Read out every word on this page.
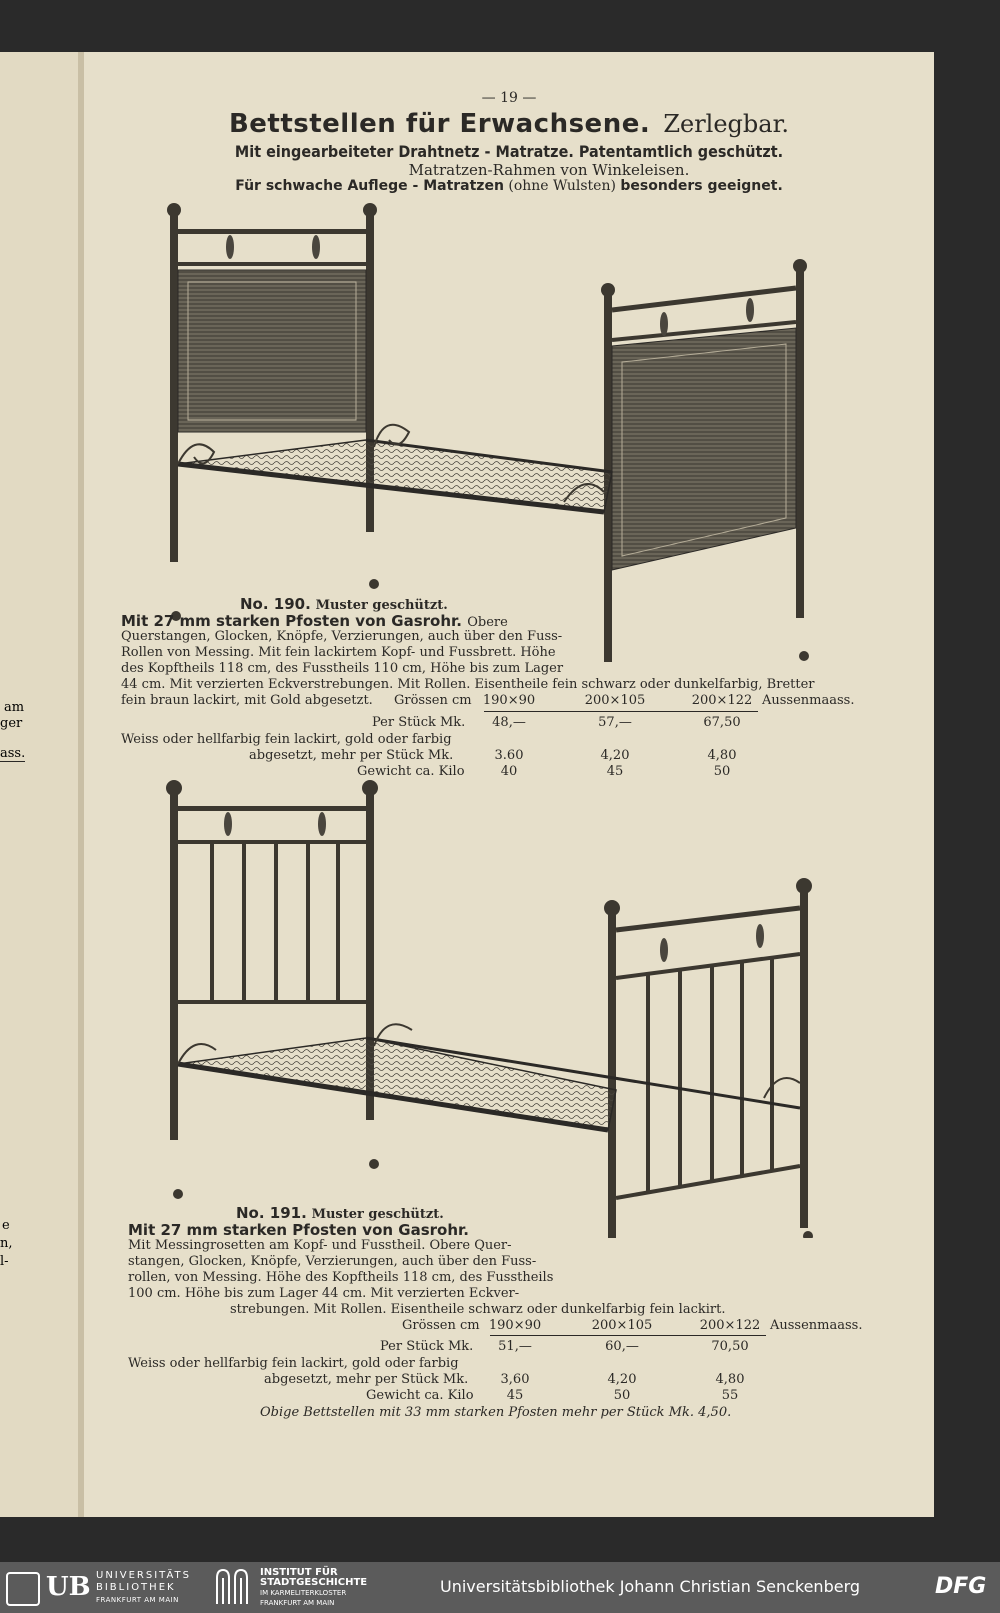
am
ger
ass.
e
n,
l-
— 19 —
Bettstellen für Erwachsene. Zerlegbar.
Mit eingearbeiteter Drahtnetz - Matratze. Patentamtlich geschützt.
Matratzen-Rahmen von Winkeleisen.
Für schwache Auflege - Matratzen (ohne Wulsten) besonders geeignet.
No. 190. Muster geschützt.
Mit 27 mm starken Pfosten von Gasrohr. Obere
Querstangen, Glocken, Knöpfe, Verzierungen, auch über den Fuss-
Rollen von Messing. Mit fein lackirtem Kopf- und Fussbrett. Höhe
des Kopftheils 118 cm, des Fusstheils 110 cm, Höhe bis zum Lager
44 cm. Mit verzierten Eckverstrebungen. Mit Rollen. Eisentheile fein schwarz oder dunkelfarbig, Bretter
fein braun lackirt, mit Gold abgesetzt. Grössen cm 190×90	200×105	200×122 Aussenmaass.
Per Stück Mk.	48,—	57,—	67,50
Weiss oder hellfarbig fein lackirt, gold oder farbig
abgesetzt, mehr per Stück Mk.	3.60	4,20	4,80
Gewicht ca. Kilo	40	45	50
No. 191. Muster geschützt.
Mit 27 mm starken Pfosten von Gasrohr.
Mit Messingrosetten am Kopf- und Fusstheil. Obere Quer-
stangen, Glocken, Knöpfe, Verzierungen, auch über den Fuss-
rollen, von Messing. Höhe des Kopftheils 118 cm, des Fusstheils
100 cm. Höhe bis zum Lager 44 cm. Mit verzierten Eckver-
strebungen. Mit Rollen. Eisentheile schwarz oder dunkelfarbig fein lackirt.
Grössen cm 190×90	200×105	200×122 Aussenmaass.
Per Stück Mk.	51,—	60,—	70,50
Weiss oder hellfarbig fein lackirt, gold oder farbig
abgesetzt, mehr per Stück Mk.	3,60	4,20	4,80
Gewicht ca. Kilo	45	50	55
Obige Bettstellen mit 33 mm starken Pfosten mehr per Stück Mk. 4,50.
UB UNIVERSITÄTS
BIBLIOTHEK
FRANKFURT AM MAIN
INSTITUT FÜR
STADTGESCHICHTE
IM KARMELITERKLOSTER
FRANKFURT AM MAIN
Universitätsbibliothek Johann Christian Senckenberg	DFG
